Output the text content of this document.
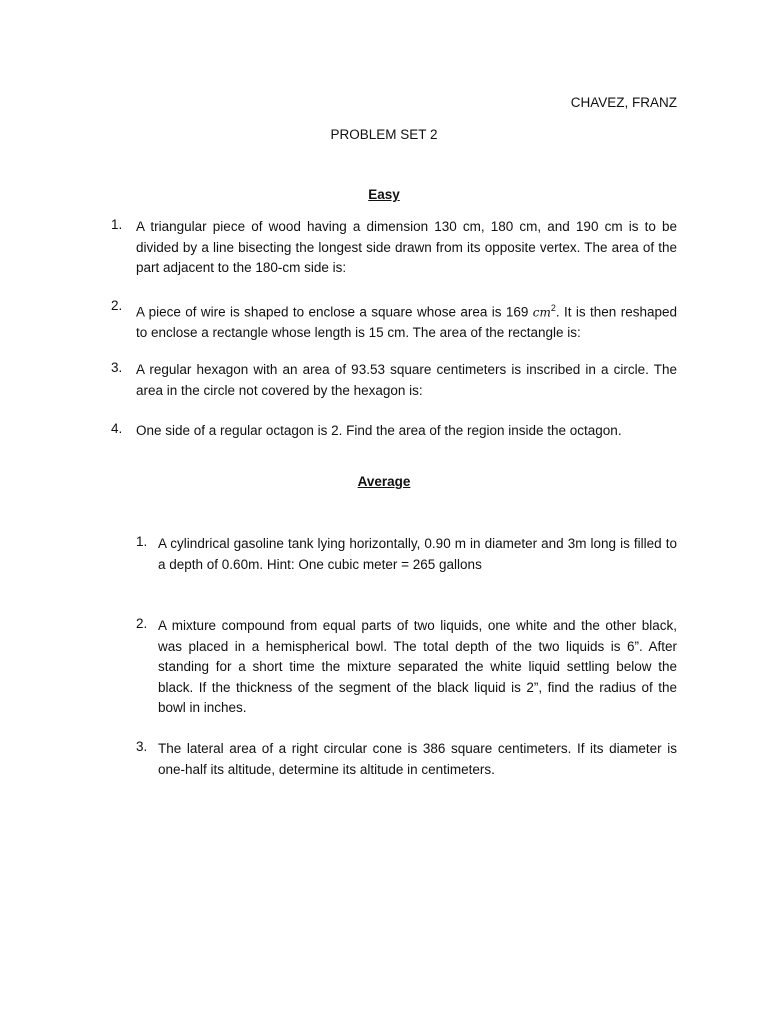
CHAVEZ, FRANZ
PROBLEM SET 2
Easy
1.	A triangular piece of wood having a dimension 130 cm, 180 cm, and 190 cm is to be divided by a line bisecting the longest side drawn from its opposite vertex. The area of the part adjacent to the 180-cm side is:
2.	A piece of wire is shaped to enclose a square whose area is 169 $cm^2$. It is then reshaped to enclose a rectangle whose length is 15 cm. The area of the rectangle is:
3.	A regular hexagon with an area of 93.53 square centimeters is inscribed in a circle. The area in the circle not covered by the hexagon is:
4.	One side of a regular octagon is 2. Find the area of the region inside the octagon.
Average
1. A cylindrical gasoline tank lying horizontally, 0.90 m in diameter and 3m long is filled to a depth of 0.60m. Hint: One cubic meter = 265 gallons
2. A mixture compound from equal parts of two liquids, one white and the other black, was placed in a hemispherical bowl. The total depth of the two liquids is 6”. After standing for a short time the mixture separated the white liquid settling below the black. If the thickness of the segment of the black liquid is 2”, find the radius of the bowl in inches.
3. The lateral area of a right circular cone is 386 square centimeters. If its diameter is one-half its altitude, determine its altitude in centimeters.
